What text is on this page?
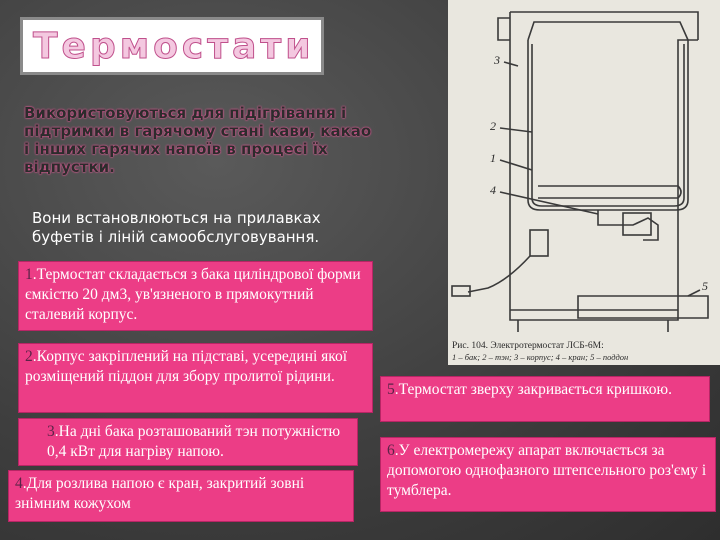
Термостати
Використовуються для підігрівання і підтримки в гарячому стані кави, какао і інших гарячих напоїв в процесі їх відпустки.
Вони встановлюються на прилавках буфетів і ліній самообслуговування.
1.Термостат складається з бака циліндрової форми ємкістю 20 дм3, ув'язненого в прямокутний сталевий корпус.
2.Корпус закріплений на підставі, усередині якої розміщений піддон для збору пролитої рідини.
3.На дні бака розташований тэн потужністю 0,4 кВт для нагріву напою.
4.Для розлива напою є кран, закритий зовні знімним кожухом
5.Термостат зверху закривається кришкою.
6.У електромережу апарат включається за допомогою однофазного штепсельного роз'єму і тумблера.
3
2
1
4
5
Рис. 104. Электротермостат ЛСБ-6М:
1 – бак; 2 – тэн; 3 – корпус; 4 – кран; 5 – поддон
